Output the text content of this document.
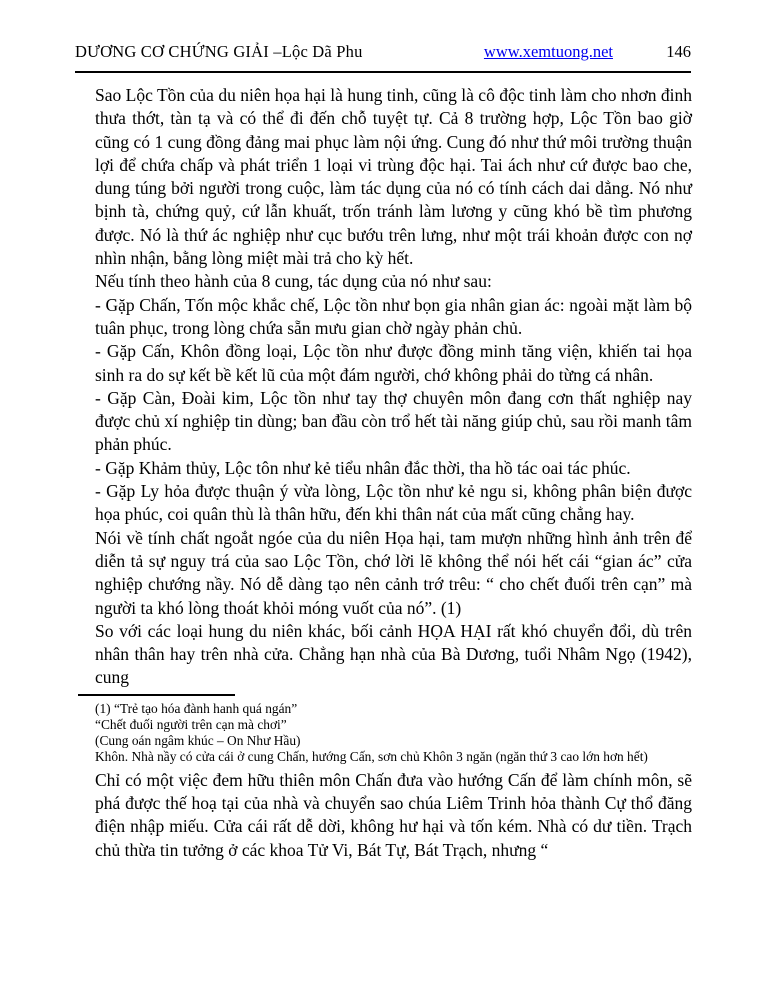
DƯƠNG CƠ CHỨNG GIẢI –Lộc Dã Phu	www.xemtuong.net	146

Sao Lộc Tồn của du niên họa hại là hung tinh, cũng là cô độc tinh làm cho nhơn đinh thưa thớt, tàn tạ và có thể đi đến chỗ tuyệt tự. Cả 8 trường hợp, Lộc Tồn bao giờ cũng có 1 cung đồng đảng mai phục làm nội ứng. Cung đó như thứ môi trường thuận lợi để chứa chấp và phát triển 1 loại vi trùng độc hại. Tai ách như cứ được bao che, dung túng bởi người trong cuộc, làm tác dụng của nó có tính cách dai dẳng. Nó như bịnh tà, chứng quỷ, cứ lẫn khuất, trốn tránh làm lương y cũng khó bề tìm phương được. Nó là thứ ác nghiệp như cục bướu trên lưng, như một trái khoản được con nợ nhìn nhận, bằng lòng miệt mài trả cho kỳ hết.

Nếu tính theo hành của 8 cung, tác dụng của nó như sau:

- Gặp Chấn, Tốn mộc khắc chế, Lộc tồn như bọn gia nhân gian ác: ngoài mặt làm bộ tuân phục, trong lòng chứa sẵn mưu gian chờ ngày phản chủ.

- Gặp Cấn, Khôn đồng loại, Lộc tồn như được đồng minh tăng viện, khiến tai họa sinh ra do sự kết bề kết lũ của một đám người, chớ không phải do từng cá nhân.

- Gặp Càn, Đoài kim, Lộc tồn như tay thợ chuyên môn đang cơn thất nghiệp nay được chủ xí nghiệp tin dùng; ban đầu còn trổ hết tài năng giúp chủ, sau rồi manh tâm phản phúc.

- Gặp Khảm thủy, Lộc tôn như kẻ tiểu nhân đắc thời, tha hồ tác oai tác phúc.

- Gặp Ly hỏa được thuận ý vừa lòng, Lộc tồn như kẻ ngu si, không phân biện được họa phúc, coi quân thù là thân hữu, đến khi thân nát của mất cũng chẳng hay.

Nói về tính chất ngoắt ngóe của du niên Họa hại, tam mượn những hình ảnh trên để diễn tả sự nguy trá của sao Lộc Tồn, chớ lời lẽ không thể nói hết cái “gian ác” cửa nghiệp chướng nầy. Nó dễ dàng tạo nên cảnh trớ trêu: “ cho chết đuối trên cạn” mà người ta khó lòng thoát khỏi móng vuốt của nó”. (1)

So với các loại hung du niên khác, bối cảnh HỌA HẠI rất khó chuyển đổi, dù trên nhân thân hay trên nhà cửa. Chẳng hạn nhà của Bà Dương, tuổi Nhâm Ngọ (1942), cung

(1) “Trẻ tạo hóa đành hanh quá ngán”
“Chết đuối người trên cạn mà chơi”
(Cung oán ngâm khúc – On Như Hầu)
Khôn. Nhà nầy có cửa cái ở cung Chấn, hướng Cấn, sơn chủ Khôn 3 ngăn (ngăn thứ 3 cao lớn hơn hết)

Chỉ có một việc đem hữu thiên môn Chấn đưa vào hướng Cấn để làm chính môn, sẽ phá được thế hoạ tại của nhà và chuyển sao chúa Liêm Trinh hỏa thành Cự thổ đăng điện nhập miếu. Cửa cái rất dễ dời, không hư hại và tốn kém. Nhà có dư tiền. Trạch chủ thừa tin tưởng ở các khoa Tử Vi, Bát Tự, Bát Trạch, nhưng “
